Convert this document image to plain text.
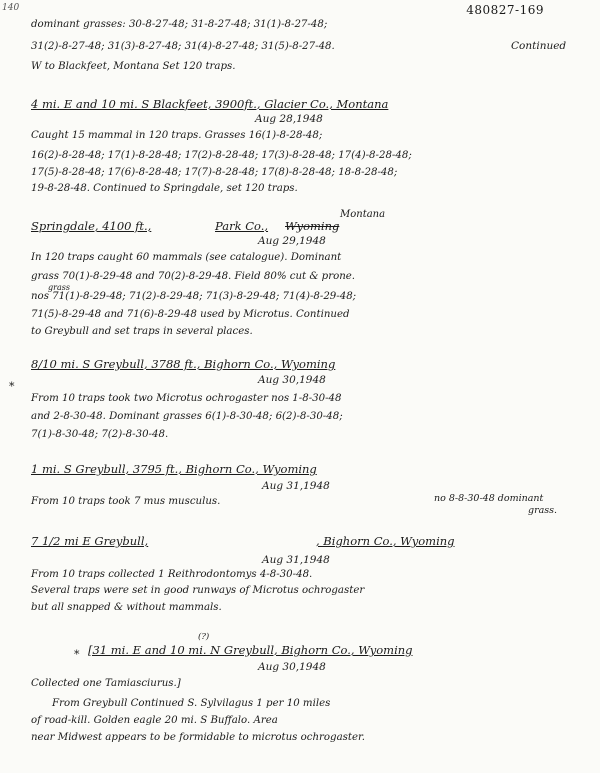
140	480827-169
dominant grasses: 30-8-27-48; 31-8-27-48; 31(1)-8-27-48;
31(2)-8-27-48; 31(3)-8-27-48; 31(4)-8-27-48; 31(5)-8-27-48.	Continued
W to Blackfeet, Montana Set 120 traps.
4 mi. E and 10 mi. S Blackfeet, 3900ft., Glacier Co., Montana
Aug 28,1948
Caught 15 mammal in 120 traps. Grasses 16(1)-8-28-48;
16(2)-8-28-48; 17(1)-8-28-48; 17(2)-8-28-48; 17(3)-8-28-48; 17(4)-8-28-48;
17(5)-8-28-48; 17(6)-8-28-48; 17(7)-8-28-48; 17(8)-8-28-48; 18-8-28-48;
19-8-28-48. Continued to Springdale, set 120 traps.
Montana
Springdale, 4100 ft.,	Park Co., Wyoming
Aug 29,1948
In 120 traps caught 60 mammals (see catalogue). Dominant
grass 70(1)-8-29-48 and 70(2)-8-29-48. Field 80% cut & prone.
grass
nos 71(1)-8-29-48; 71(2)-8-29-48; 71(3)-8-29-48; 71(4)-8-29-48;
71(5)-8-29-48 and 71(6)-8-29-48 used by Microtus. Continued
to Greybull and set traps in several places.
8/10 mi. S Greybull, 3788 ft., Bighorn Co., Wyoming
Aug 30,1948
*
From 10 traps took two Microtus ochrogaster nos 1-8-30-48
and 2-8-30-48. Dominant grasses 6(1)-8-30-48; 6(2)-8-30-48;
7(1)-8-30-48; 7(2)-8-30-48.
1 mi. S Greybull, 3795 ft., Bighorn Co., Wyoming
Aug 31,1948
From 10 traps took 7 mus musculus.	no 8-8-30-48 dominant
grass.
7 1/2 mi E Greybull,	, Bighorn Co., Wyoming
Aug 31,1948
From 10 traps collected 1 Reithrodontomys 4-8-30-48.
Several traps were set in good runways of Microtus ochrogaster
but all snapped & without mammals.
*
(?)
[31 mi. E and 10 mi. N Greybull, Bighorn Co., Wyoming
Aug 30,1948
Collected one Tamiasciurus.]
From Greybull Continued S. Sylvilagus 1 per 10 miles
of road-kill. Golden eagle 20 mi. S Buffalo. Area
near Midwest appears to be formidable to microtus ochrogaster.
